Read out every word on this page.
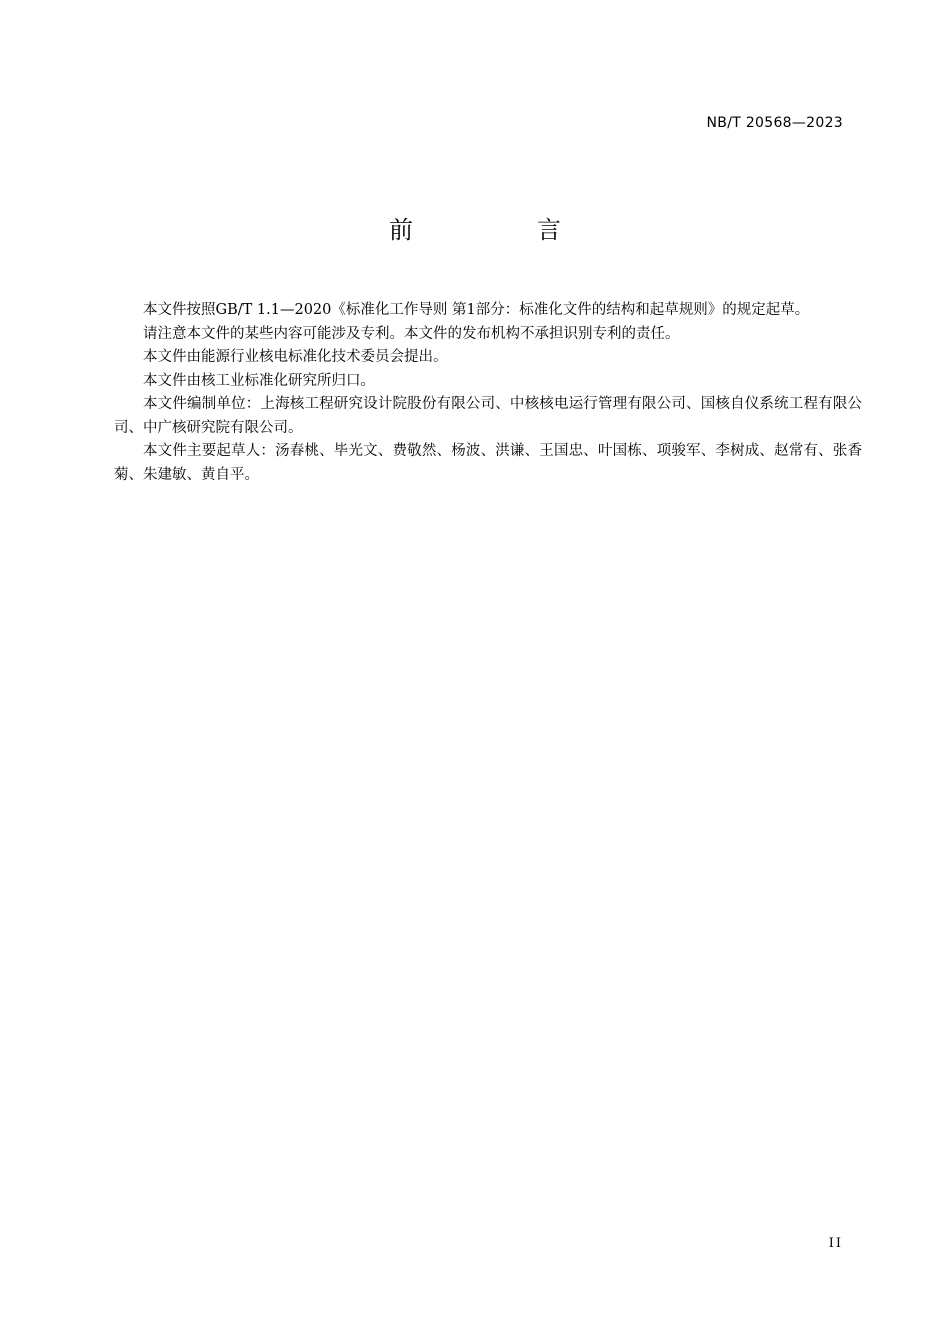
NB/T 20568—2023
前　言

本文件按照GB/T 1.1—2020《标准化工作导则 第1部分：标准化文件的结构和起草规则》的规定起草。

请注意本文件的某些内容可能涉及专利。本文件的发布机构不承担识别专利的责任。

本文件由能源行业核电标准化技术委员会提出。

本文件由核工业标准化研究所归口。

本文件编制单位：上海核工程研究设计院股份有限公司、中核核电运行管理有限公司、国核自仪系统工程有限公司、中广核研究院有限公司。

本文件主要起草人：汤春桃、毕光文、费敬然、杨波、洪谦、王国忠、叶国栋、项骏军、李树成、赵常有、张香菊、朱建敏、黄自平。

II
